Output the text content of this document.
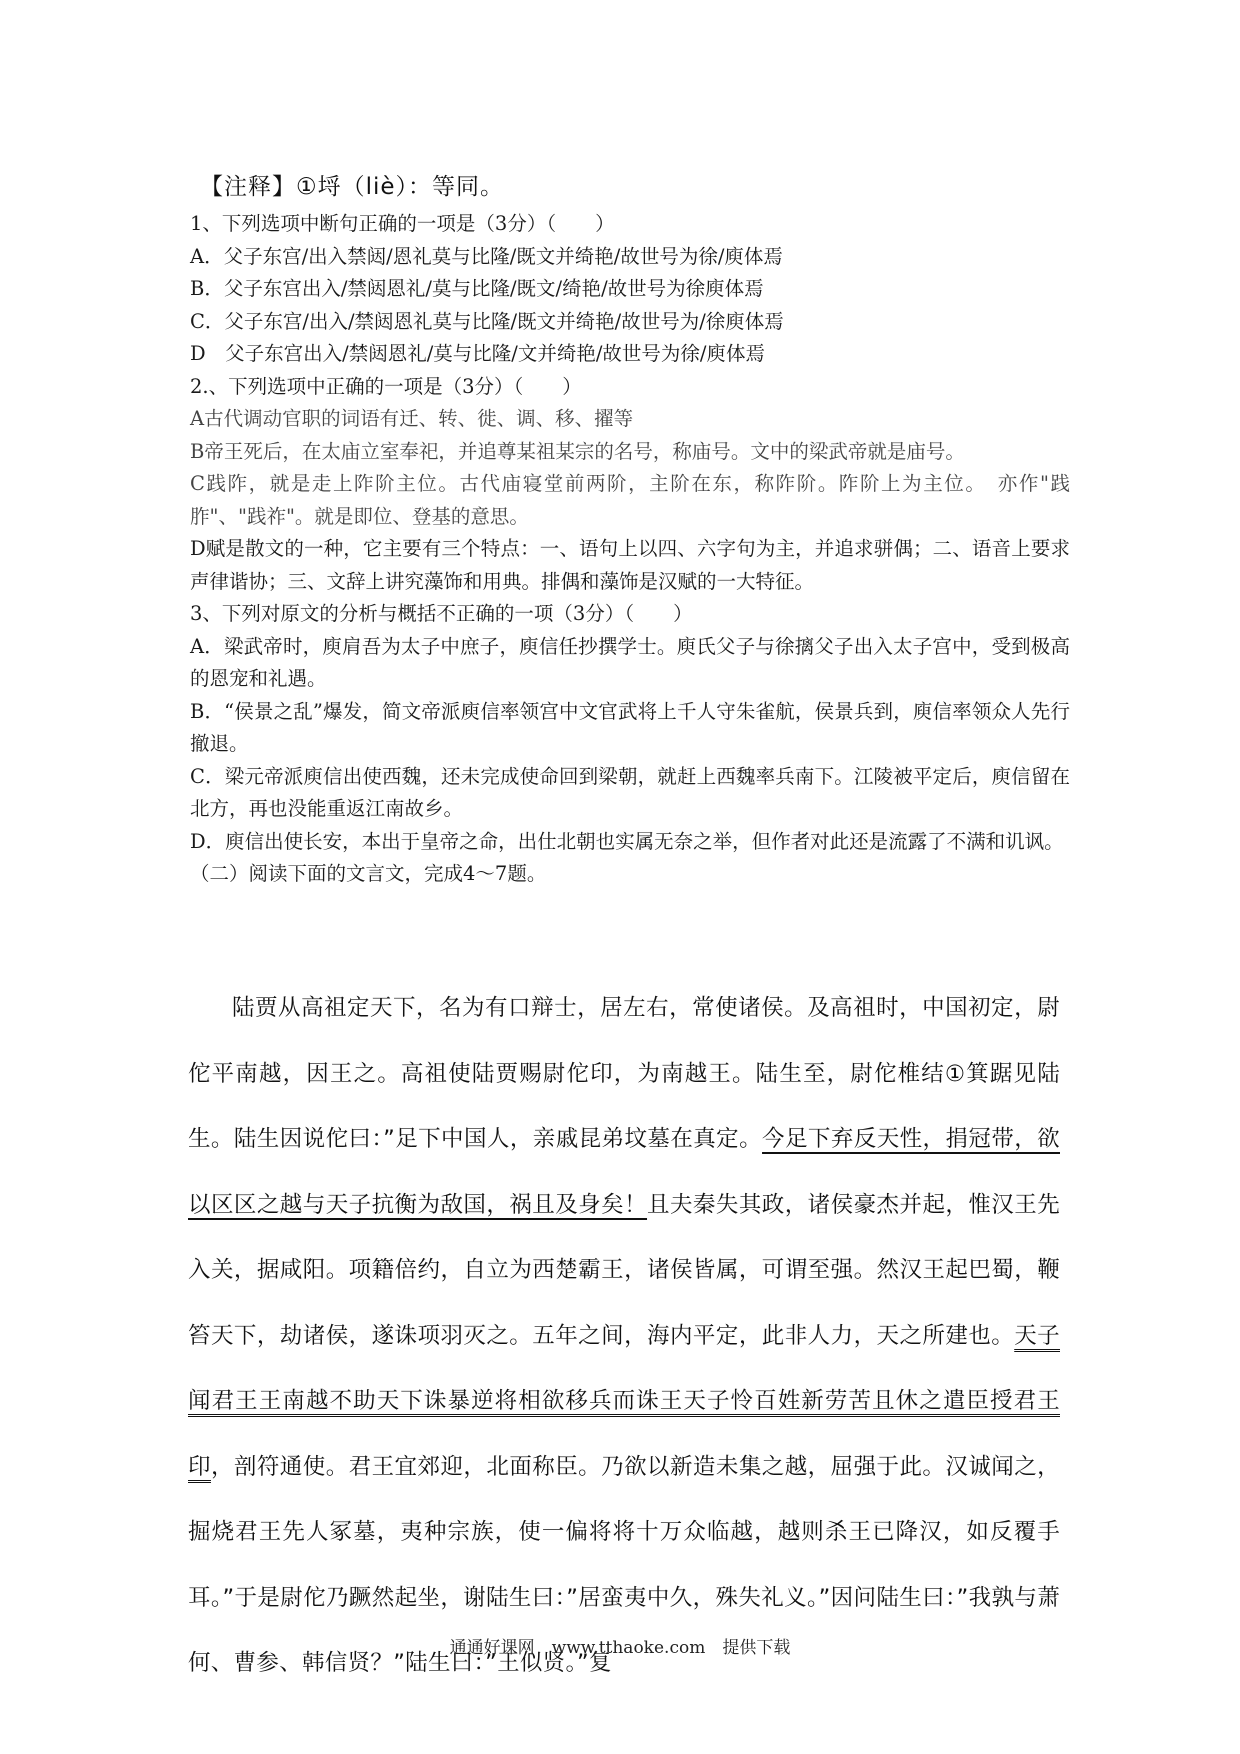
【注释】①埒（liè）：等同。
1、下列选项中断句正确的一项是（3分）（　　）
A．父子东宫/出入禁闼/恩礼莫与比隆/既文并绮艳/故世号为徐/庾体焉
B．父子东宫出入/禁闼恩礼/莫与比隆/既文/绮艳/故世号为徐庾体焉
C．父子东宫/出入/禁闼恩礼莫与比隆/既文并绮艳/故世号为/徐庾体焉
D　父子东宫出入/禁闼恩礼/莫与比隆/文并绮艳/故世号为徐/庾体焉
2.、下列选项中正确的一项是（3分）（　　）
A古代调动官职的词语有迁、转、徙、调、移、擢等
B帝王死后，在太庙立室奉祀，并追尊某祖某宗的名号，称庙号。文中的梁武帝就是庙号。
C践阼，就是走上阼阶主位。古代庙寝堂前两阶，主阶在东，称阼阶。阼阶上为主位。　亦作"践胙"、"践祚"。就是即位、登基的意思。
D赋是散文的一种，它主要有三个特点：一、语句上以四、六字句为主，并追求骈偶；二、语音上要求声律谐协；三、文辞上讲究藻饰和用典。排偶和藻饰是汉赋的一大特征。
3、下列对原文的分析与概括不正确的一项（3分）（　　）
A．梁武帝时，庾肩吾为太子中庶子，庾信任抄撰学士。庾氏父子与徐摛父子出入太子宫中，受到极高的恩宠和礼遇。
B．“侯景之乱”爆发，简文帝派庾信率领宫中文官武将上千人守朱雀航，侯景兵到，庾信率领众人先行撤退。
C．梁元帝派庾信出使西魏，还未完成使命回到梁朝，就赶上西魏率兵南下。江陵被平定后，庾信留在北方，再也没能重返江南故乡。
D．庾信出使长安，本出于皇帝之命，出仕北朝也实属无奈之举，但作者对此还是流露了不满和讥讽。
（二）阅读下面的文言文，完成4～7题。
陆贾从高祖定天下，名为有口辩士，居左右，常使诸侯。及高祖时，中国初定，尉佗平南越，因王之。高祖使陆贾赐尉佗印，为南越王。陆生至，尉佗椎结①箕踞见陆生。陆生因说佗曰：”足下中国人，亲戚昆弟坟墓在真定。今足下弃反天性，捐冠带，欲以区区之越与天子抗衡为敌国，祸且及身矣！且夫秦失其政，诸侯豪杰并起，惟汉王先入关，据咸阳。项籍倍约，自立为西楚霸王，诸侯皆属，可谓至强。然汉王起巴蜀，鞭笞天下，劫诸侯，遂诛项羽灭之。五年之间，海内平定，此非人力，天之所建也。天子闻君王王南越不助天下诛暴逆将相欲移兵而诛王天子怜百姓新劳苦且休之遣臣授君王印，剖符通使。君王宜郊迎，北面称臣。乃欲以新造未集之越，屈强于此。汉诚闻之，掘烧君王先人冢墓，夷种宗族，使一偏将将十万众临越，越则杀王已降汉，如反覆手耳。”于是尉佗乃蹶然起坐，谢陆生曰：”居蛮夷中久，殊失礼义。”因问陆生曰：”我孰与萧何、曹参、韩信贤？”陆生曰：”王似贤。”复
通通好课网　www.tthaoke.com　提供下载
